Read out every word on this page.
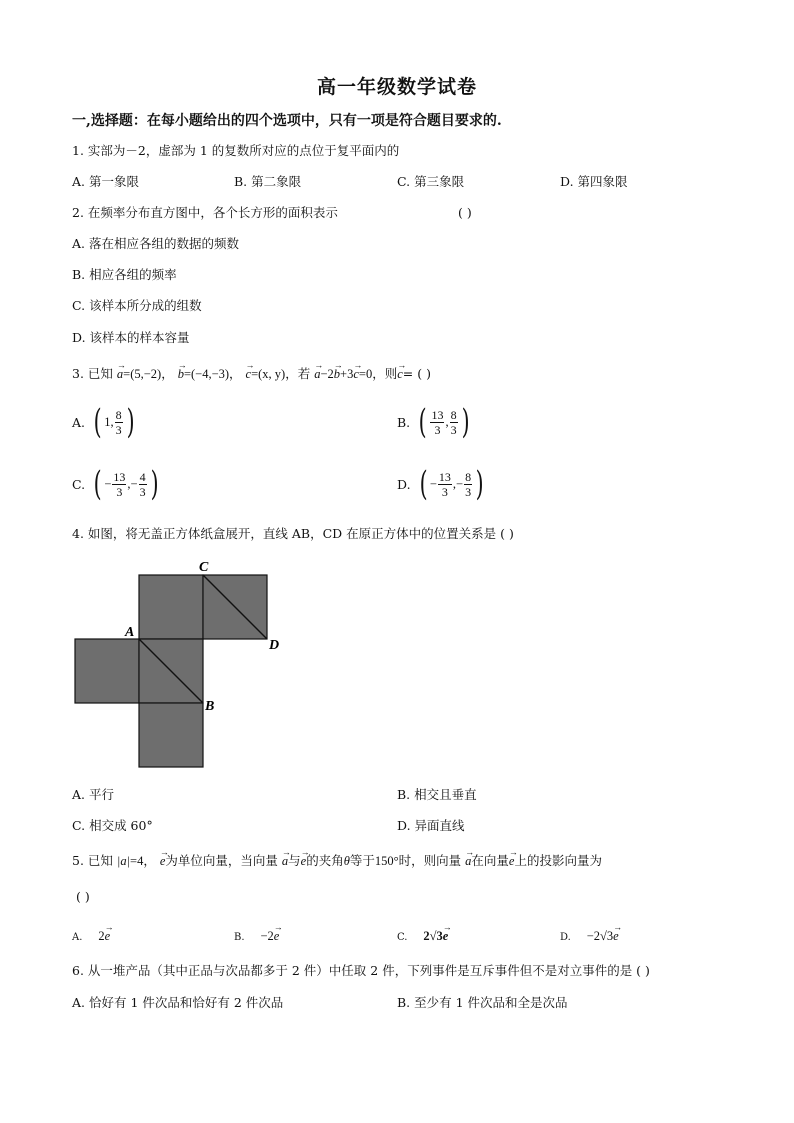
高一年级数学试卷
一,选择题：在每小题给出的四个选项中，只有一项是符合题目要求的.
1. 实部为－2，虚部为 1 的复数所对应的点位于复平面内的
A. 第一象限	B. 第二象限	C. 第三象限	D. 第四象限
2. 在频率分布直方图中，各个长方形的面积表示	( )
A. 落在相应各组的数据的频数
B. 相应各组的频率
C. 该样本所分成的组数
D. 该样本的样本容量
3. 已知 → a=(5,−2)， → b=(−4,−3)， → c=(x, y)，若 → a−2→ b+3→ c=0，则→ c= ( )
A. ( 1, $\frac{8}{3}$ )	B. ( $\frac{13}{3}$ , $\frac{8}{3}$ )
C. ( − $\frac{13}{3}$ ,− $\frac{4}{3}$ )	D. ( − $\frac{13}{3}$ ,− $\frac{8}{3}$ )
4. 如图，将无盖正方体纸盒展开，直线 AB，CD 在原正方体中的位置关系是 ( )
C
A
D
B
A. 平行	B. 相交且垂直
C. 相交成 60°	D. 异面直线
5. 已知 |a|=4， → e为单位向量，当向量 → a与→ e的夹角θ等于150°时，则向量 → a在向量→ e上的投影向量为
( )
A. 2→ e	B. −2→ e	C. 2√3→ e	D. −2√3→ e
6. 从一堆产品（其中正品与次品都多于 2 件）中任取 2 件，下列事件是互斥事件但不是对立事件的是 ( )
A. 恰好有 1 件次品和恰好有 2 件次品	B. 至少有 1 件次品和全是次品
